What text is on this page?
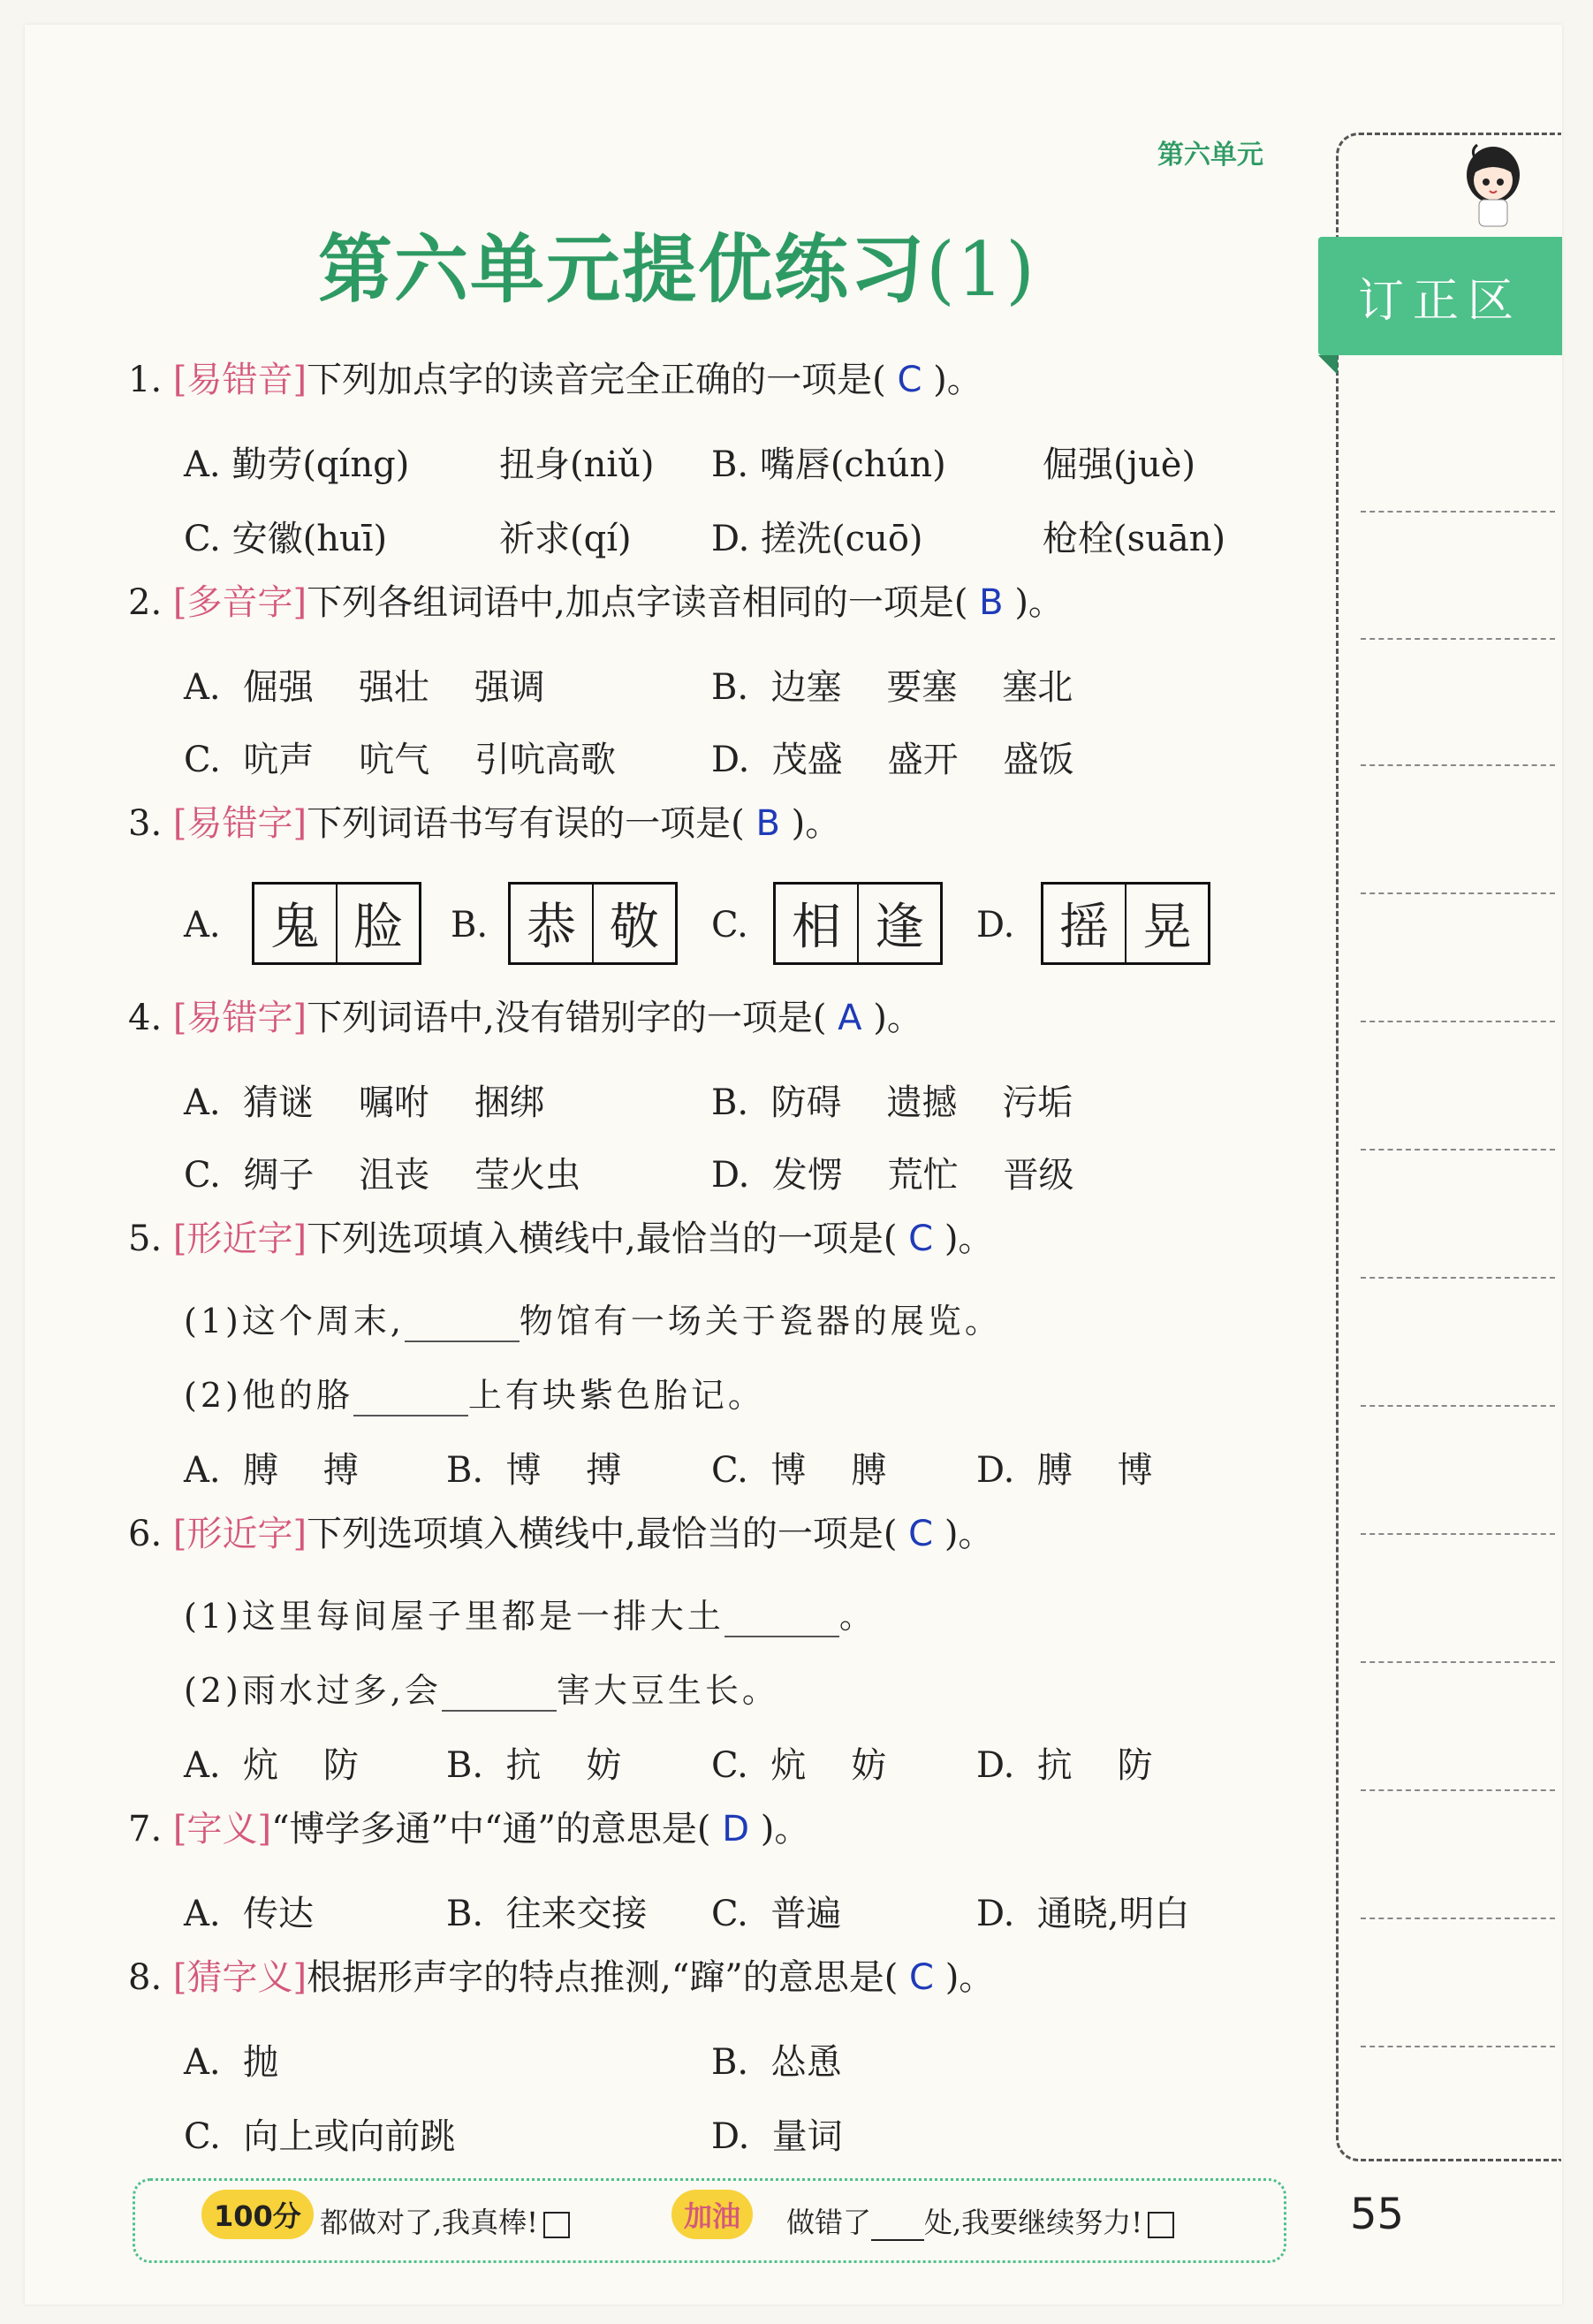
第六单元
第六单元提优练习(1)	订正区
1. [易错音]下列加点字的读音完全正确的一项是( C )。
A. 勤劳(qíng)	扭身(niǔ) B. 嘴唇(chún)	倔强(juè)
C. 安徽(huī)	祈求(qí) D. 搓洗(cuō)	枪栓(suān)
2. [多音字]下列各组词语中,加点字读音相同的一项是( B )。
A. 倔强 强壮 强调	B. 边塞 要塞 塞北
C. 吭声 吭气 引吭高歌	D. 茂盛 盛开 盛饭
3. [易错字]下列词语书写有误的一项是( B )。
A.	鬼 脸	B. 恭 敬	C. 相 逢	D. 摇 晃
4. [易错字]下列词语中,没有错别字的一项是( A )。
A. 猜谜 嘱咐 捆绑	B. 防碍 遗撼 污垢
C. 绸子 沮丧 莹火虫	D. 发愣 荒忙 晋级
5. [形近字]下列选项填入横线中,最恰当的一项是( C )。
(1)这个周末,	物馆有一场关于瓷器的展览。
(2)他的胳	上有块紫色胎记。
A. 膊 搏 B. 博 搏	C. 博 膊	D. 膊 博
6. [形近字]下列选项填入横线中,最恰当的一项是( C )。
(1)这里每间屋子里都是一排大土	。
(2)雨水过多,会	害大豆生长。
A. 炕 防 B. 抗 妨	C. 炕 妨	D. 抗 防
7. [字义]“博学多通”中“通”的意思是( D )。
A. 传达	B. 往来交接 C. 普遍	D. 通晓,明白
8. [猜字义]根据形声字的特点推测,“蹿”的意思是( C )。
A. 抛	B. 怂恿
C. 向上或向前跳	D. 量词
100分 都做对了,我真棒!	加油	做错了 处,我要继续努力!	55
